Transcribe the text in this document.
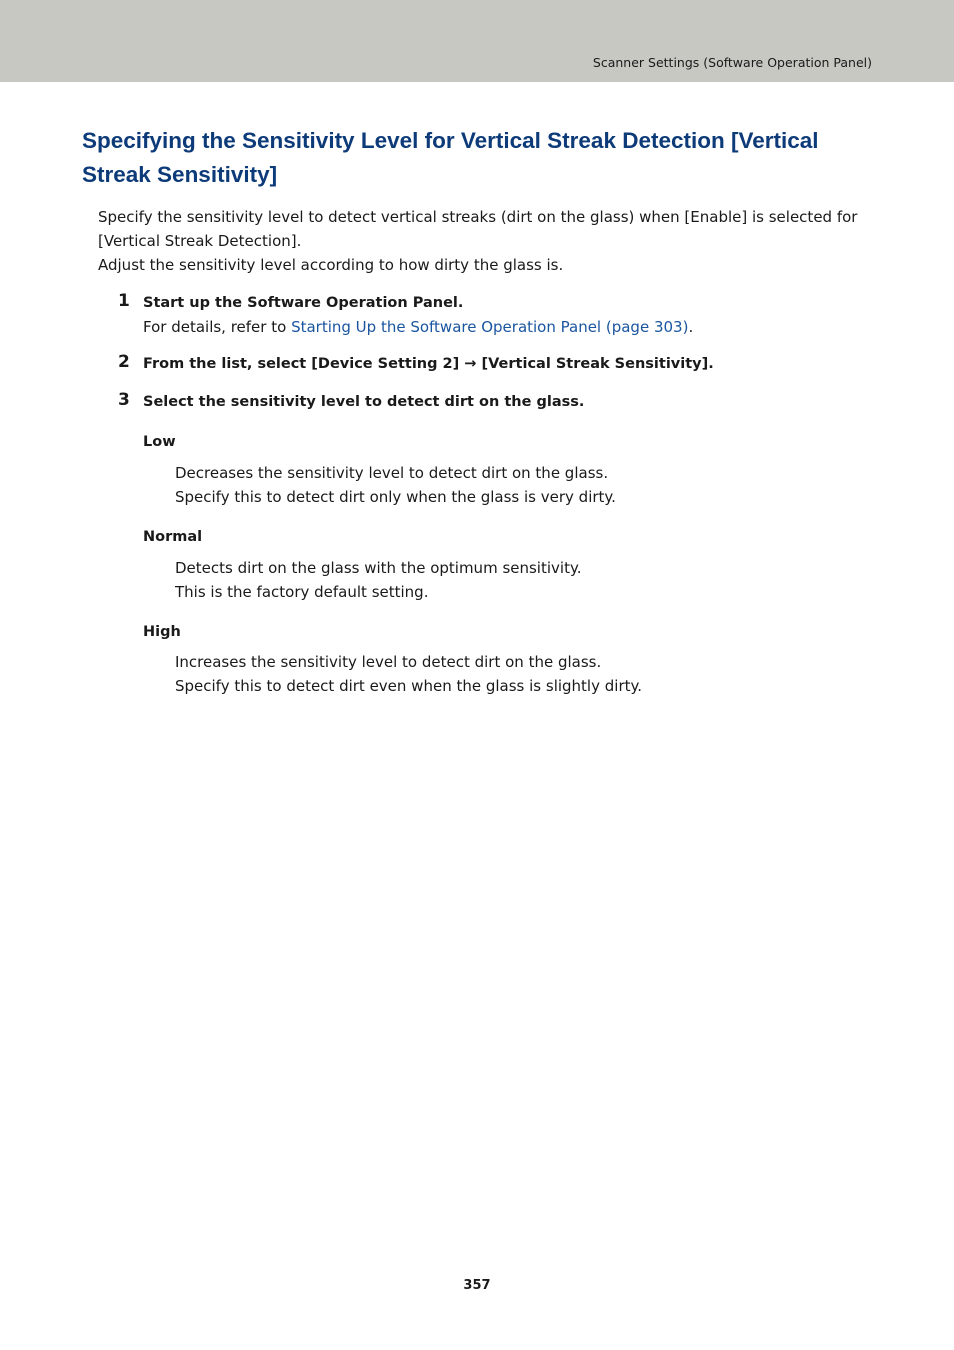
Scanner Settings (Software Operation Panel)
Specifying the Sensitivity Level for Vertical Streak Detection [Vertical Streak Sensitivity]

Specify the sensitivity level to detect vertical streaks (dirt on the glass) when [Enable] is selected for [Vertical Streak Detection].

Adjust the sensitivity level according to how dirty the glass is.

1 Start up the Software Operation Panel.
For details, refer to Starting Up the Software Operation Panel (page 303).
2 From the list, select [Device Setting 2] → [Vertical Streak Sensitivity].
3 Select the sensitivity level to detect dirt on the glass.
Low

Decreases the sensitivity level to detect dirt on the glass.

Specify this to detect dirt only when the glass is very dirty.

Normal

Detects dirt on the glass with the optimum sensitivity.

This is the factory default setting.

High

Increases the sensitivity level to detect dirt on the glass.

Specify this to detect dirt even when the glass is slightly dirty.

357
